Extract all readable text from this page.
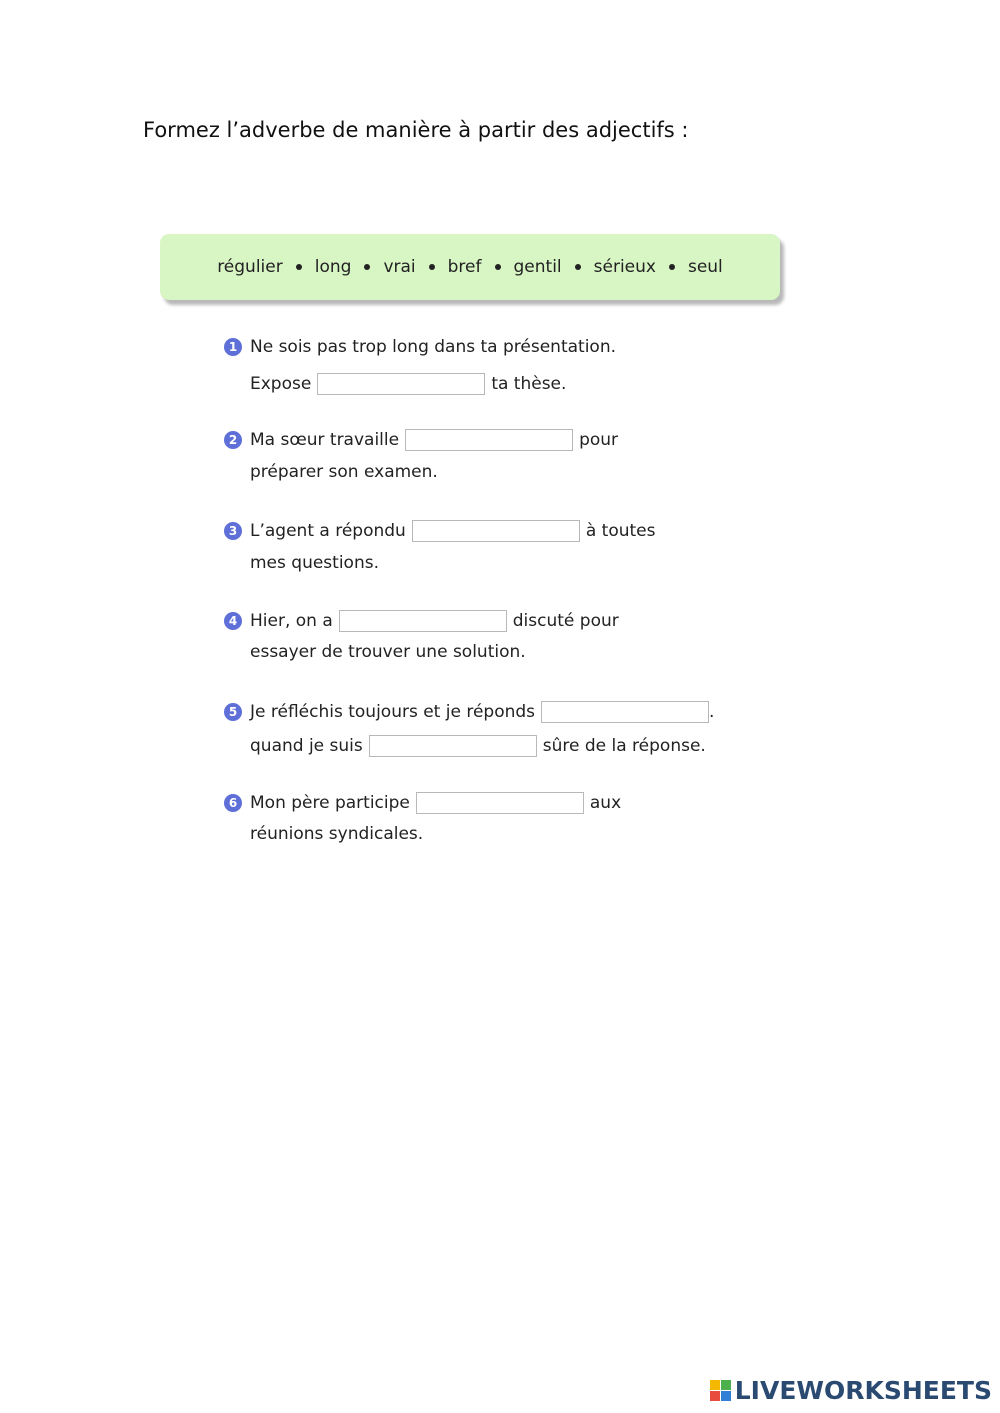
Formez l’adverbe de manière à partir des adjectifs :
régulier long vrai bref gentil sérieux seul
1 Ne sois pas trop long dans ta présentation.
Expose	ta thèse.
2 Ma sœur travaille	pour
préparer son examen.
3 L’agent a répondu	à toutes
mes questions.
4 Hier, on a	discuté pour
essayer de trouver une solution.
5 Je réfléchis toujours et je réponds	.
quand je suis	sûre de la réponse.
6 Mon père participe	aux
réunions syndicales.
LIVEWORKSHEETS
